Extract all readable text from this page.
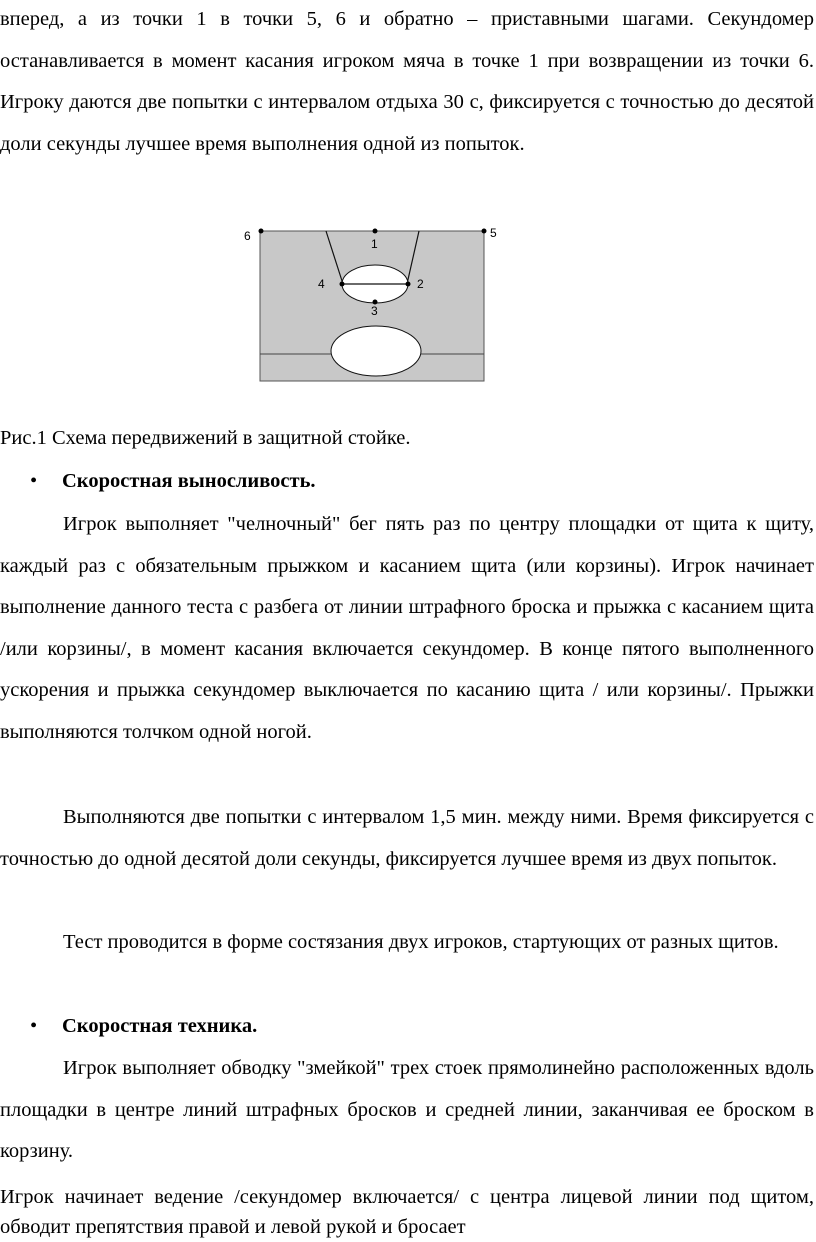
вперед, а из точки 1 в точки 5, 6 и обратно – приставными шагами. Секундомер останавливается в момент касания игроком мяча в точке 1 при возвращении из точки 6. Игроку даются две попытки с интервалом отдыха 30 с, фиксируется с точностью до десятой доли секунды лучшее время выполнения одной из попыток.

6
1
5
4	2
3
Рис.1 Схема передвижений в защитной стойке.
• Скоростная выносливость.

Игрок выполняет "челночный" бег пять раз по центру площадки от щита к щиту, каждый раз с обязательным прыжком и касанием щита (или корзины). Игрок начинает выполнение данного теста с разбега от линии штрафного броска и прыжка с касанием щита /или корзины/, в момент касания включается секундомер. В конце пятого выполненного ускорения и прыжка секундомер выключается по касанию щита / или корзины/. Прыжки выполняются толчком одной ногой.

Выполняются две попытки с интервалом 1,5 мин. между ними. Время фиксируется с точностью до одной десятой доли секунды, фиксируется лучшее время из двух попыток.

Тест проводится в форме состязания двух игроков, стартующих от разных щитов.

• Скоростная техника.

Игрок выполняет обводку "змейкой" трех стоек прямолинейно расположенных вдоль площадки в центре линий штрафных бросков и средней линии, заканчивая ее броском в корзину.

Игрок начинает ведение /секундомер включается/ с центра лицевой линии под щитом, обводит препятствия правой и левой рукой и бросает
